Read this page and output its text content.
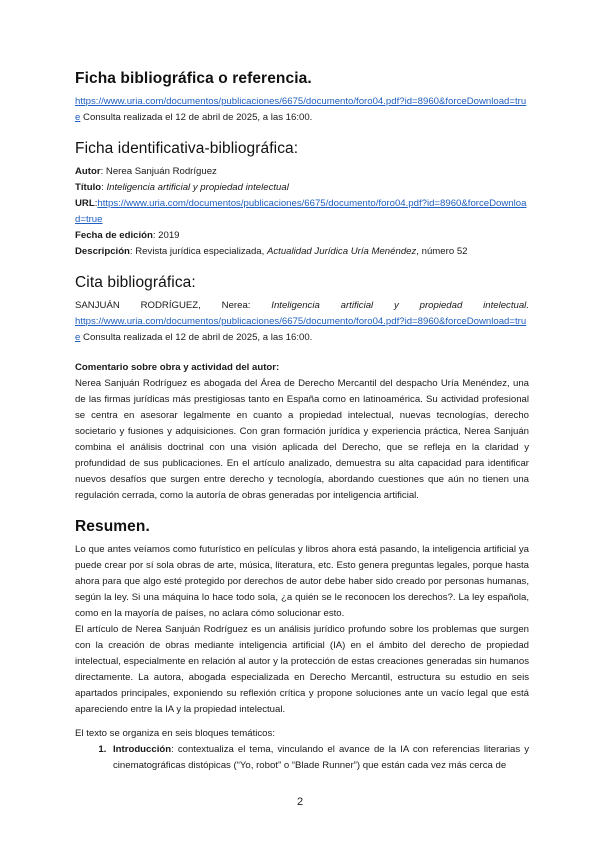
Ficha bibliográfica o referencia.

https://www.uria.com/documentos/publicaciones/6675/documento/foro04.pdf?id=8960&forceDownload=true Consulta realizada el 12 de abril de 2025, a las 16:00.

Ficha identificativa-bibliográfica:

Autor: Nerea Sanjuán Rodríguez

Título: Inteligencia artificial y propiedad intelectual

URL:https://www.uria.com/documentos/publicaciones/6675/documento/foro04.pdf?id=8960&forceDownload=true

Fecha de edición: 2019

Descripción: Revista jurídica especializada, Actualidad Jurídica Uría Menéndez, número 52

Cita bibliográfica:

SANJUÁN RODRÍGUEZ, Nerea: Inteligencia artificial y propiedad intelectual.

https://www.uria.com/documentos/publicaciones/6675/documento/foro04.pdf?id=8960&forceDownload=true Consulta realizada el 12 de abril de 2025, a las 16:00.

Comentario sobre obra y actividad del autor:

Nerea Sanjuán Rodríguez es abogada del Área de Derecho Mercantil del despacho Uría Menéndez, una de las firmas jurídicas más prestigiosas tanto en España como en latinoamérica. Su actividad profesional se centra en asesorar legalmente en cuanto a propiedad intelectual, nuevas tecnologías, derecho societario y fusiones y adquisiciones. Con gran formación jurídica y experiencia práctica, Nerea Sanjuán combina el análisis doctrinal con una visión aplicada del Derecho, que se refleja en la claridad y profundidad de sus publicaciones. En el artículo analizado, demuestra su alta capacidad para identificar nuevos desafíos que surgen entre derecho y tecnología, abordando cuestiones que aún no tienen una regulación cerrada, como la autoría de obras generadas por inteligencia artificial.

Resumen.

Lo que antes veíamos como futurístico en películas y libros ahora está pasando, la inteligencia artificial ya puede crear por sí sola obras de arte, música, literatura, etc. Esto genera preguntas legales, porque hasta ahora para que algo esté protegido por derechos de autor debe haber sido creado por personas humanas, según la ley. Si una máquina lo hace todo sola, ¿a quién se le reconocen los derechos?. La ley española, como en la mayoría de países, no aclara cómo solucionar esto.

El artículo de Nerea Sanjuán Rodríguez es un análisis jurídico profundo sobre los problemas que surgen con la creación de obras mediante inteligencia artificial (IA) en el ámbito del derecho de propiedad intelectual, especialmente en relación al autor y la protección de estas creaciones generadas sin humanos directamente. La autora, abogada especializada en Derecho Mercantil, estructura su estudio en seis apartados principales, exponiendo su reflexión crítica y propone soluciones ante un vacío legal que está apareciendo entre la IA y la propiedad intelectual.

El texto se organiza en seis bloques temáticos:

1. Introducción: contextualiza el tema, vinculando el avance de la IA con referencias literarias y cinematográficas distópicas (“Yo, robot” o “Blade Runner”) que están cada vez más cerca de
2
